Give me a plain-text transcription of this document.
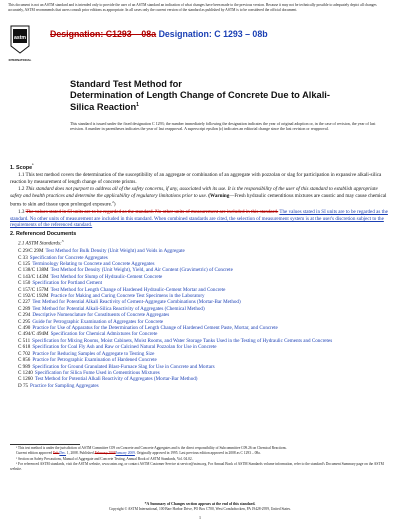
This document is not an ASTM standard and is intended only to provide the user of an ASTM standard an indication of what changes have been made to the previous version. Because it may not be technically possible to adequately depict all changes accurately, ASTM recommends that users consult prior editions as appropriate. In all cases only the current version of the standard as published by ASTM is to be considered the official document.
astm
INTERNATIONAL
Designation: C1293 – 08a Designation: C 1293 – 08b
Standard Test Method for
Determination of Length Change of Concrete Due to Alkali-
Silica Reaction$^1$
This standard is issued under the fixed designation C 1293; the number immediately following the designation indicates the year of original adoption or, in the case of revision, the year of last revision. A number in parentheses indicates the year of last reapproval. A superscript epsilon (ε) indicates an editorial change since the last revision or reapproval.
1. Scope*

1.1 This test method covers the determination of the susceptibility of an aggregate or combination of an aggregate with pozzolan or slag for participation in expansive alkali-silica reaction by measurement of length change of concrete prisms.

1.2 This standard does not purport to address all of the safety concerns, if any, associated with its use. It is the responsibility of the user of this standard to establish appropriate safety and health practices and determine the applicability of regulatory limitations prior to use. (Warning—Fresh hydraulic cementitious mixtures are caustic and may cause chemical burns to skin and tissue upon prolonged exposure.$^2$)

1.3 The values stated in SI units are to be regarded as the standard. No other units of measurement are included in this standard. The values stated in SI units are to be regarded as the standard. No other units of measurement are included in this standard. When combined standards are cited, the selection of measurement system is at the user's discretion subject to the requirements of the referenced standard.

2. Referenced Documents

2.1 ASTM Standards:$^3$

C 29/C 29M Test Method for Bulk Density (Unit Weight) and Voids in Aggregate
C 33 Specification for Concrete Aggregates
C 125 Terminology Relating to Concrete and Concrete Aggregates
C 138/C 138M Test Method for Density (Unit Weight), Yield, and Air Content (Gravimetric) of Concrete
C 143/C 143M Test Method for Slump of Hydraulic-Cement Concrete
C 150 Specification for Portland Cement
C 157/C 157M Test Method for Length Change of Hardened Hydraulic-Cement Mortar and Concrete
C 192/C 192M Practice for Making and Curing Concrete Test Specimens in the Laboratory
C 227 Test Method for Potential Alkali Reactivity of Cement-Aggregate Combinations (Mortar-Bar Method)
C 289 Test Method for Potential Alkali-Silica Reactivity of Aggregates (Chemical Method)
C 294 Descriptive Nomenclature for Constituents of Concrete Aggregates
C 295 Guide for Petrographic Examination of Aggregates for Concrete
C 490 Practice for Use of Apparatus for the Determination of Length Change of Hardened Cement Paste, Mortar, and Concrete
C 494/C 494M Specification for Chemical Admixtures for Concrete
C 511 Specification for Mixing Rooms, Moist Cabinets, Moist Rooms, and Water Storage Tanks Used in the Testing of Hydraulic Cements and Concretes
C 618 Specification for Coal Fly Ash and Raw or Calcined Natural Pozzolan for Use in Concrete
C 702 Practice for Reducing Samples of Aggregate to Testing Size
C 856 Practice for Petrographic Examination of Hardened Concrete
C 989 Specification for Ground Granulated Blast-Furnace Slag for Use in Concrete and Mortars
C 1240 Specification for Silica Fume Used in Cementitious Mixtures
C 1260 Test Method for Potential Alkali Reactivity of Aggregates (Mortar-Bar Method)
D 75 Practice for Sampling Aggregates

¹ This test method is under the jurisdiction of ASTM Committee C09 on Concrete and Concrete Aggregates and is the direct responsibility of Subcommittee C09.26 on Chemical Reactions.

Current edition approved Feb.Dec. 1, 2008. Published February 2008January 2009. Originally approved in 1995. Last previous edition approved in 2008 as C 1293 – 08a.

² Section on Safety Precautions, Manual of Aggregate and Concrete Testing, Annual Book of ASTM Standards, Vol. 04.02.

³ For referenced ASTM standards, visit the ASTM website, www.astm.org, or contact ASTM Customer Service at service@astm.org. For Annual Book of ASTM Standards volume information, refer to the standard's Document Summary page on the ASTM website.

*A Summary of Changes section appears at the end of this standard.
Copyright © ASTM International, 100 Barr Harbor Drive, PO Box C700, West Conshohocken, PA 19428-2959, United States.
1
